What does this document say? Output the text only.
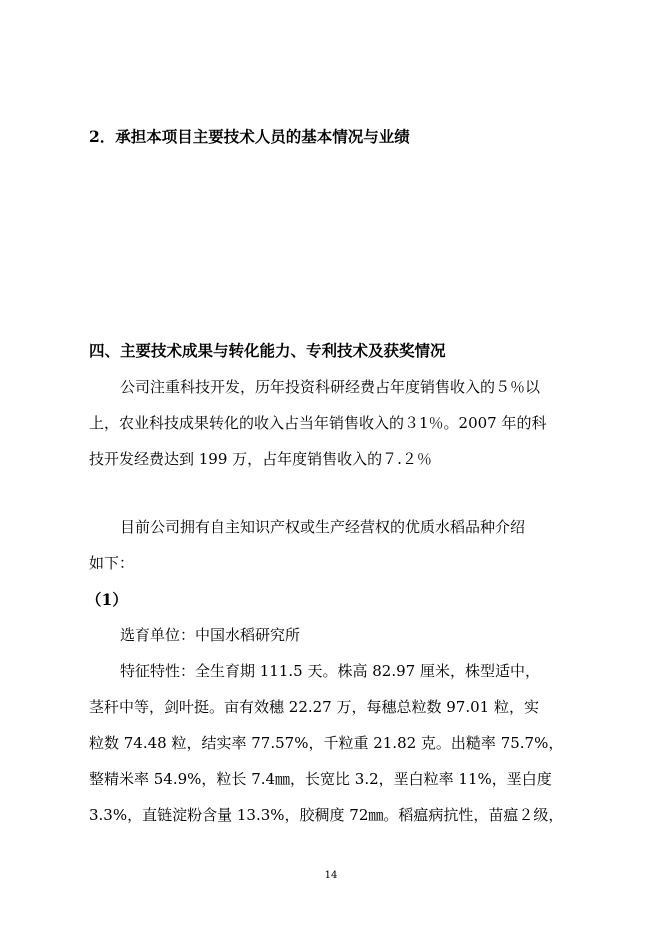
2．承担本项目主要技术人员的基本情况与业绩
四、主要技术成果与转化能力、专利技术及获奖情况
公司注重科技开发，历年投资科研经费占年度销售收入的５％以
上，农业科技成果转化的收入占当年销售收入的３1％。2007 年的科
技开发经费达到 199 万，占年度销售收入的７.２％
目前公司拥有自主知识产权或生产经营权的优质水稻品种介绍
如下：
（1）
选育单位：中国水稻研究所
特征特性：全生育期 111.5 天。株高 82.97 厘米，株型适中，
茎秆中等，剑叶挺。亩有效穗 22.27 万，每穗总粒数 97.01 粒，实
粒数 74.48 粒，结实率 77.57%，千粒重 21.82 克。出糙率 75.7%，
整精米率 54.9%，粒长 7.4㎜，长宽比 3.2，垩白粒率 11%，垩白度
3.3%，直链淀粉含量 13.3%，胶稠度 72㎜。稻瘟病抗性，苗瘟２级，
14
